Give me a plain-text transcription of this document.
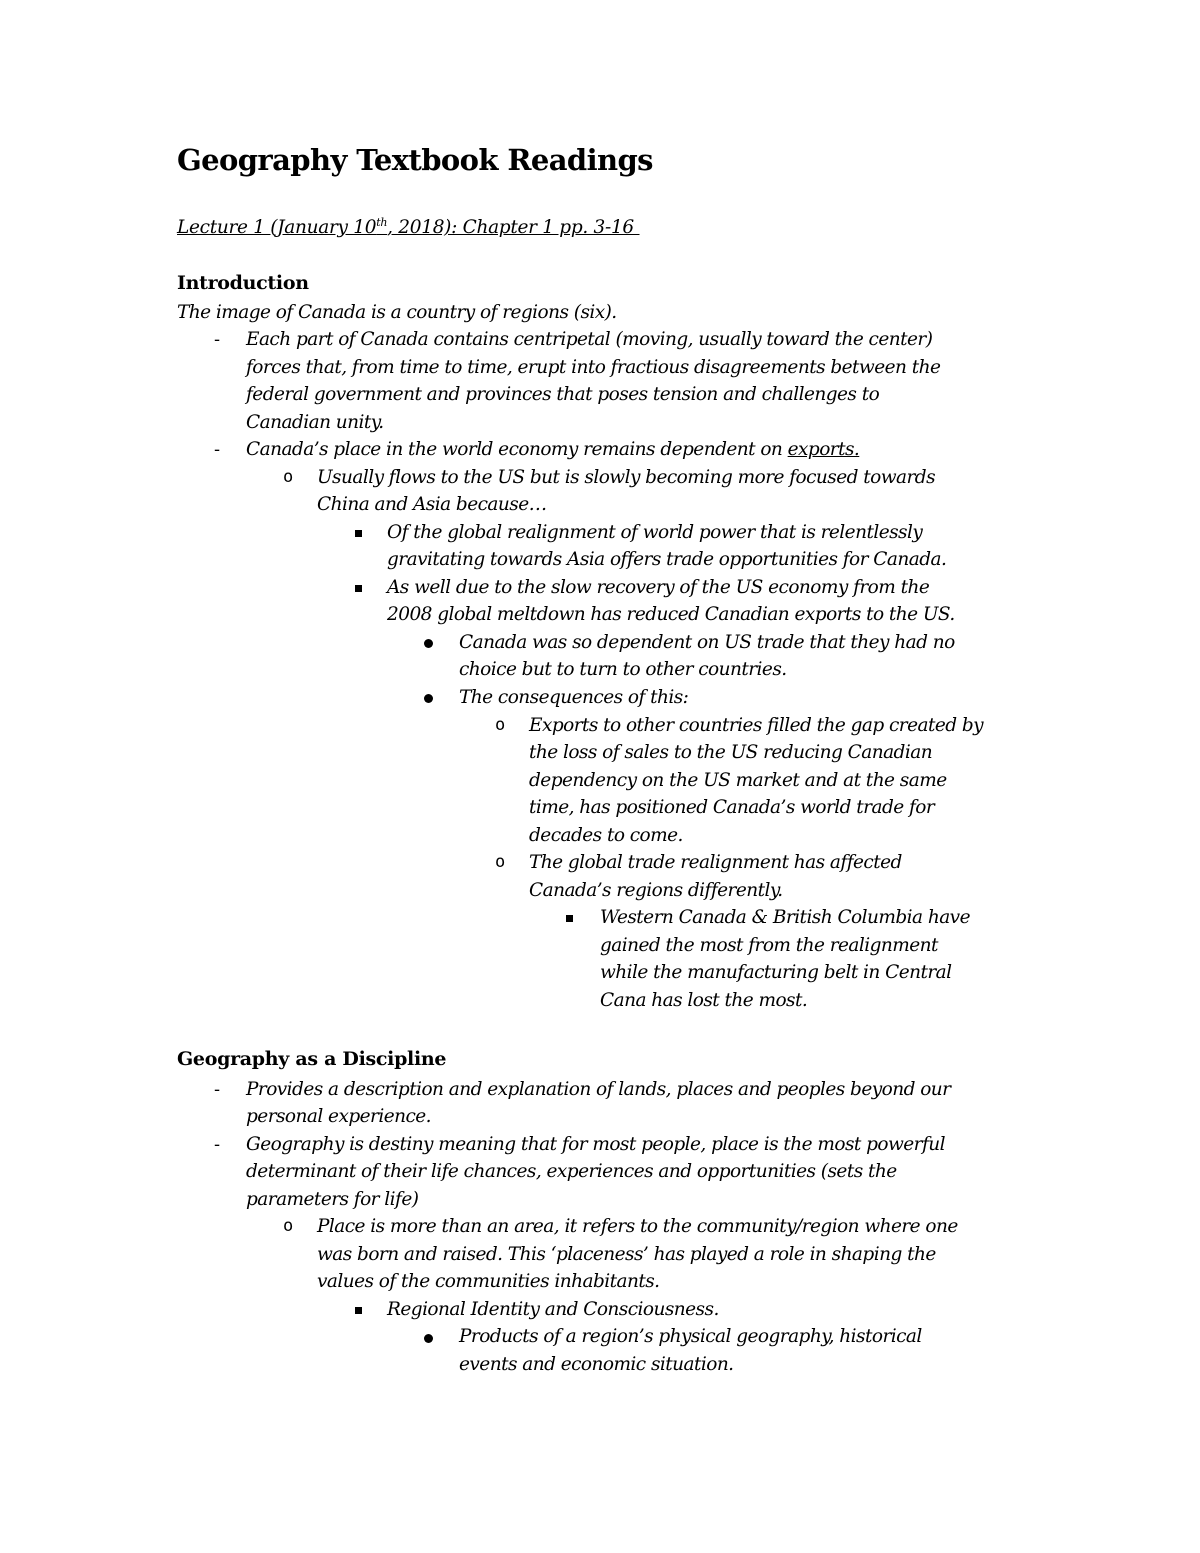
Geography Textbook Readings
Lecture 1 (January 10th, 2018): Chapter 1 pp. 3-16
Introduction
The image of Canada is a country of regions (six).
- Each part of Canada contains centripetal (moving, usually toward the center)
forces that, from time to time, erupt into fractious disagreements between the
federal government and provinces that poses tension and challenges to
Canadian unity.
- Canada’s place in the world economy remains dependent on exports.
o Usually flows to the US but is slowly becoming more focused towards
China and Asia because…
Of the global realignment of world power that is relentlessly
gravitating towards Asia offers trade opportunities for Canada.
As well due to the slow recovery of the US economy from the
2008 global meltdown has reduced Canadian exports to the US.
Canada was so dependent on US trade that they had no
choice but to turn to other countries.
The consequences of this:
o Exports to other countries filled the gap created by
the loss of sales to the US reducing Canadian
dependency on the US market and at the same
time, has positioned Canada’s world trade for
decades to come.
o The global trade realignment has affected
Canada’s regions differently.
Western Canada & British Columbia have
gained the most from the realignment
while the manufacturing belt in Central
Cana has lost the most.
Geography as a Discipline
- Provides a description and explanation of lands, places and peoples beyond our
personal experience.
- Geography is destiny meaning that for most people, place is the most powerful
determinant of their life chances, experiences and opportunities (sets the
parameters for life)
o Place is more than an area, it refers to the community/region where one
was born and raised. This ‘placeness’ has played a role in shaping the
values of the communities inhabitants.
Regional Identity and Consciousness.
Products of a region’s physical geography, historical
events and economic situation.
